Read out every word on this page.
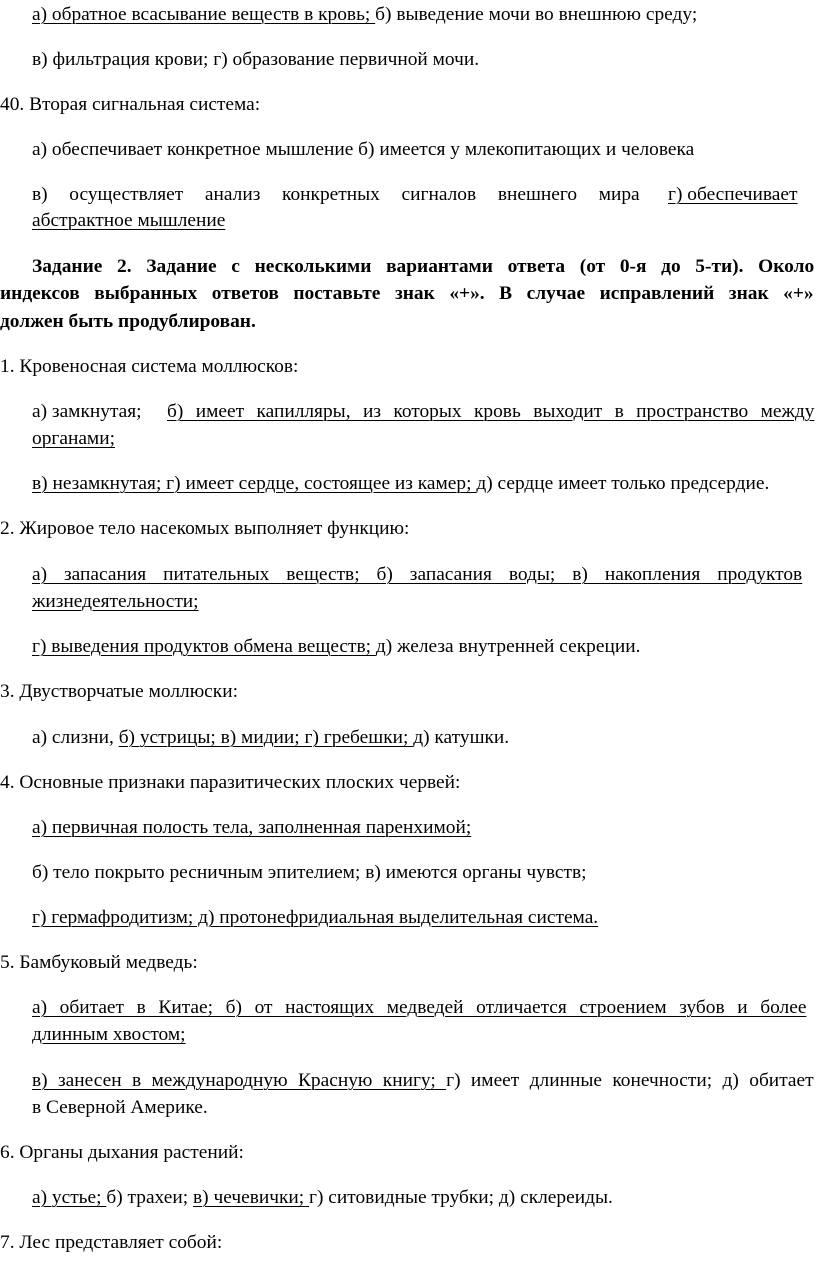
а) обратное всасывание веществ в кровь; б) выведение мочи во внешнюю среду;
в) фильтрация крови; г) образование первичной мочи.
40. Вторая сигнальная система:
а) обеспечивает конкретное мышление б) имеется у млекопитающих и человека
в) осуществляет анализ конкретных сигналов внешнего мира г) обеспечивает
абстрактное мышление
Задание 2. Задание с несколькими вариантами ответа (от 0-я до 5-ти). Около
индексов выбранных ответов поставьте знак «+». В случае исправлений знак «+»
должен быть продублирован.
1. Кровеносная система моллюсков:
а) замкнутая; б) имеет капилляры, из которых кровь выходит в пространство между
органами;
в) незамкнутая; г) имеет сердце, состоящее из камер; д) сердце имеет только предсердие.
2. Жировое тело насекомых выполняет функцию:
а) запасания питательных веществ; б) запасания воды; в) накопления продуктов
жизнедеятельности;
г) выведения продуктов обмена веществ; д) железа внутренней секреции.
3. Двустворчатые моллюски:
а) слизни, б) устрицы; в) мидии; г) гребешки; д) катушки.
4. Основные признаки паразитических плоских червей:
а) первичная полость тела, заполненная паренхимой;
б) тело покрыто ресничным эпителием; в) имеются органы чувств;
г) гермафродитизм; д) протонефридиальная выделительная система.
5. Бамбуковый медведь:
а) обитает в Китае; б) от настоящих медведей отличается строением зубов и более
длинным хвостом;
в) занесен в международную Красную книгу; г) имеет длинные конечности; д) обитает
в Северной Америке.
6. Органы дыхания растений:
а) устье; б) трахеи; в) чечевички; г) ситовидные трубки; д) склереиды.
7. Лес представляет собой:
